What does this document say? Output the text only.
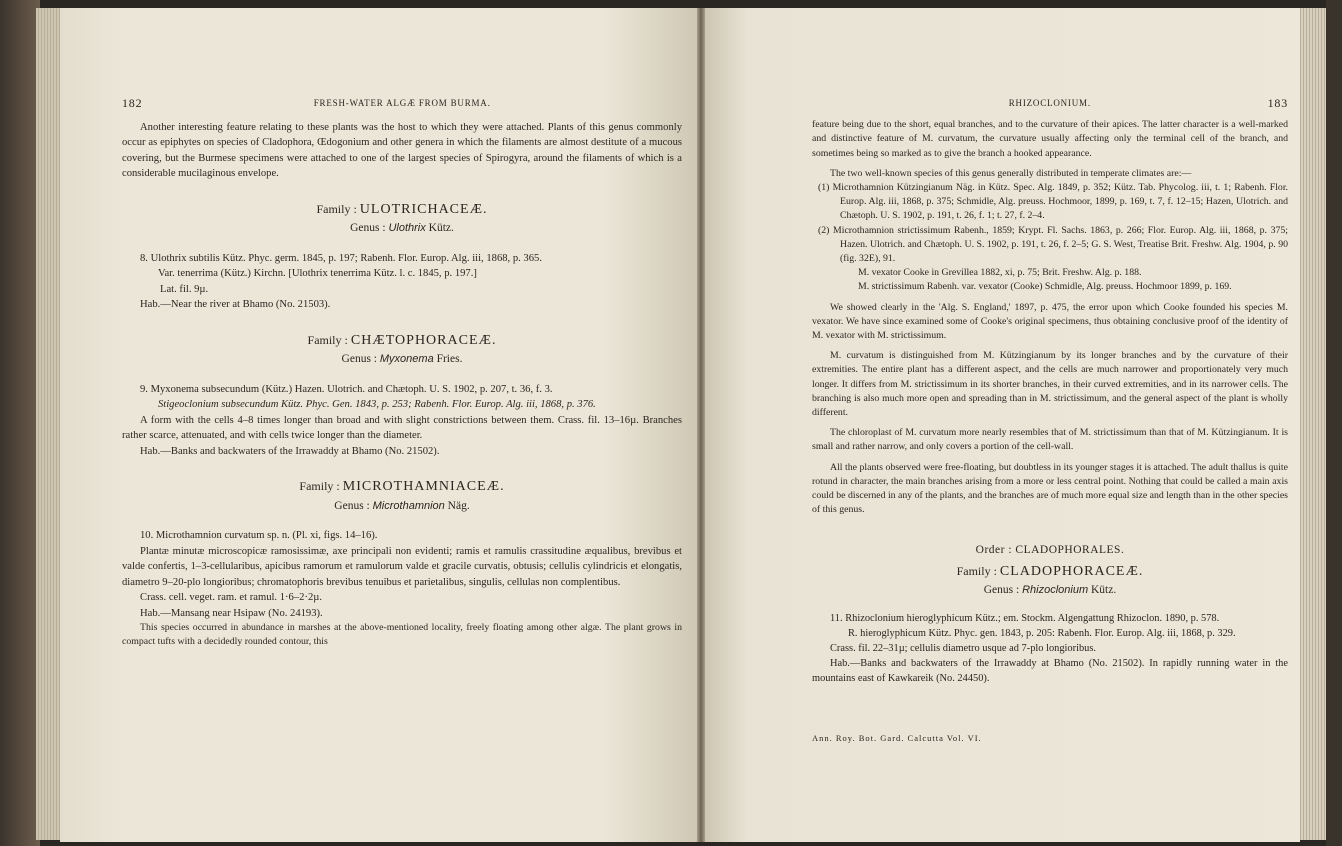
182	FRESH-WATER ALGÆ FROM BURMA.

Another interesting feature relating to these plants was the host to which they were attached. Plants of this genus commonly occur as epiphytes on species of Cladophora, Œdogonium and other genera in which the filaments are almost destitute of a mucous covering, but the Burmese specimens were attached to one of the largest species of Spirogyra, around the filaments of which is a considerable mucilaginous envelope.

Family : ULOTRICHACEÆ.
Genus : Ulothrix Kütz.

8. Ulothrix subtilis Kütz. Phyc. germ. 1845, p. 197; Rabenh. Flor. Europ. Alg. iii, 1868, p. 365.

Var. tenerrima (Kütz.) Kirchn. [Ulothrix tenerrima Kütz. l. c. 1845, p. 197.]

Lat. fil. 9µ.

Hab.—Near the river at Bhamo (No. 21503).

Family : CHÆTOPHORACEÆ.
Genus : Myxonema Fries.

9. Myxonema subsecundum (Kütz.) Hazen. Ulotrich. and Chætoph. U. S. 1902, p. 207, t. 36, f. 3.

Stigeoclonium subsecundum Kütz. Phyc. Gen. 1843, p. 253; Rabenh. Flor. Europ. Alg. iii, 1868, p. 376.

A form with the cells 4–8 times longer than broad and with slight constrictions between them. Crass. fil. 13–16µ. Branches rather scarce, attenuated, and with cells twice longer than the diameter.

Hab.—Banks and backwaters of the Irrawaddy at Bhamo (No. 21502).

Family : MICROTHAMNIACEÆ.
Genus : Microthamnion Näg.

10. Microthamnion curvatum sp. n. (Pl. xi, figs. 14–16).

Plantæ minutæ microscopicæ ramosissimæ, axe principali non evidenti; ramis et ramulis crassitudine æqualibus, brevibus et valde confertis, 1–3-cellularibus, apicibus ramorum et ramulorum valde et gracile curvatis, obtusis; cellulis cylindricis et elongatis, diametro 9–20-plo longioribus; chromatophoris brevibus tenuibus et parietalibus, singulis, cellulas non complentibus.

Crass. cell. veget. ram. et ramul. 1·6–2·2µ.

Hab.—Mansang near Hsipaw (No. 24193).

This species occurred in abundance in marshes at the above-mentioned locality, freely floating among other algæ. The plant grows in compact tufts with a decidedly rounded contour, this

RHIZOCLONIUM.	183

feature being due to the short, equal branches, and to the curvature of their apices. The latter character is a well-marked and distinctive feature of M. curvatum, the curvature usually affecting only the terminal cell of the branch, and sometimes being so marked as to give the branch a hooked appearance.

The two well-known species of this genus generally distributed in temperate climates are:—

(1) Microthamnion Kützingianum Näg. in Kütz. Spec. Alg. 1849, p. 352; Kütz. Tab. Phycolog. iii, t. 1; Rabenh. Flor. Europ. Alg. iii, 1868, p. 375; Schmidle, Alg. preuss. Hochmoor, 1899, p. 169, t. 7, f. 12–15; Hazen, Ulotrich. and Chætoph. U. S. 1902, p. 191, t. 26, f. 1; t. 27, f. 2–4.

(2) Microthamnion strictissimum Rabenh., 1859; Krypt. Fl. Sachs. 1863, p. 266; Flor. Europ. Alg. iii, 1868, p. 375; Hazen. Ulotrich. and Chætoph. U. S. 1902, p. 191, t. 26, f. 2–5; G. S. West, Treatise Brit. Freshw. Alg. 1904, p. 90 (fig. 32E), 91.

M. vexator Cooke in Grevillea 1882, xi, p. 75; Brit. Freshw. Alg. p. 188.

M. strictissimum Rabenh. var. vexator (Cooke) Schmidle, Alg. preuss. Hochmoor 1899, p. 169.

We showed clearly in the 'Alg. S. England,' 1897, p. 475, the error upon which Cooke founded his species M. vexator. We have since examined some of Cooke's original specimens, thus obtaining conclusive proof of the identity of M. vexator with M. strictissimum.

M. curvatum is distinguished from M. Kützingianum by its longer branches and by the curvature of their extremities. The entire plant has a different aspect, and the cells are much narrower and proportionately very much longer. It differs from M. strictissimum in its shorter branches, in their curved extremities, and in its narrower cells. The branching is also much more open and spreading than in M. strictissimum, and the general aspect of the plant is wholly different.

The chloroplast of M. curvatum more nearly resembles that of M. strictissimum than that of M. Kützingianum. It is small and rather narrow, and only covers a portion of the cell-wall.

All the plants observed were free-floating, but doubtless in its younger stages it is attached. The adult thallus is quite rotund in character, the main branches arising from a more or less central point. Nothing that could be called a main axis could be discerned in any of the plants, and the branches are of much more equal size and length than in the other species of this genus.

Order : CLADOPHORALES.
Family : CLADOPHORACEÆ.
Genus : Rhizoclonium Kütz.

11. Rhizoclonium hieroglyphicum Kütz.; em. Stockm. Algengattung Rhizoclon. 1890, p. 578.

R. hieroglyphicum Kütz. Phyc. gen. 1843, p. 205: Rabenh. Flor. Europ. Alg. iii, 1868, p. 329.

Crass. fil. 22–31µ; cellulis diametro usque ad 7-plo longioribus.

Hab.—Banks and backwaters of the Irrawaddy at Bhamo (No. 21502). In rapidly running water in the mountains east of Kawkareik (No. 24450).

Ann. Roy. Bot. Gard. Calcutta Vol. VI.
